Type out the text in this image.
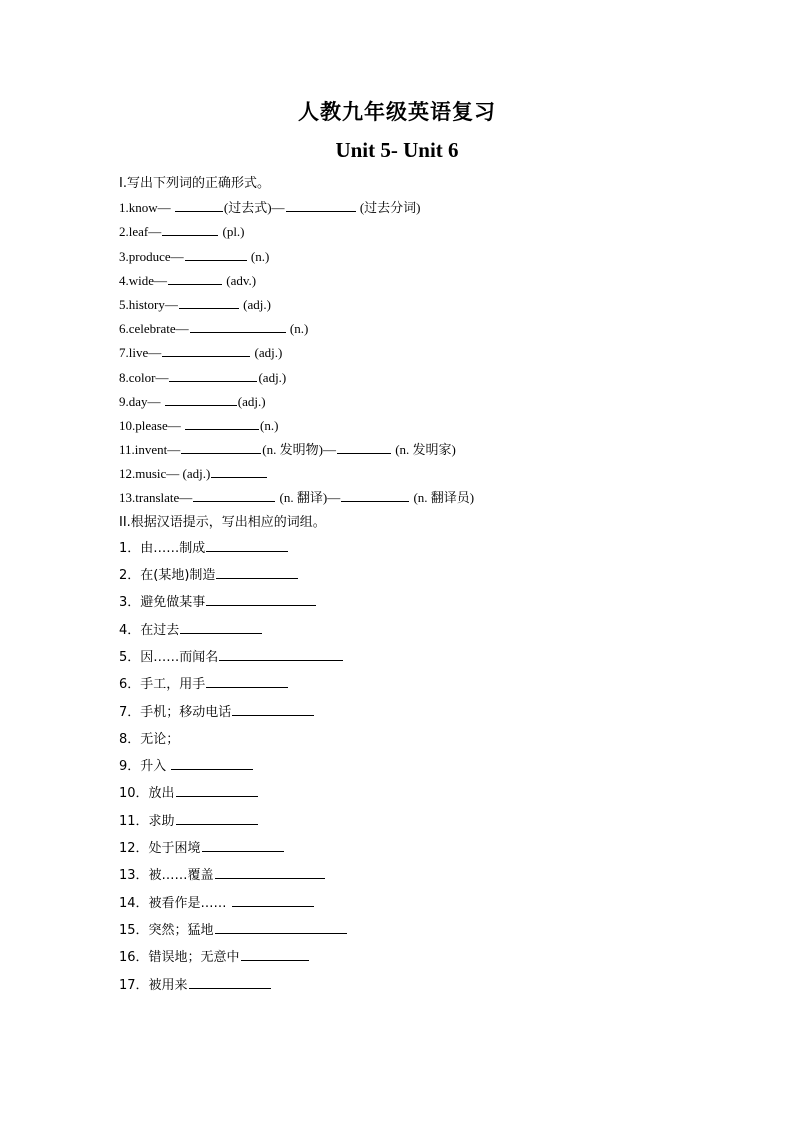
人教九年级英语复习
Unit 5- Unit 6
I.写出下列词的正确形式。
1.know—	(过去式)—	(过去分词)
2.leaf—	(pl.)
3.produce—	(n.)
4.wide—	(adv.)
5.history—	(adj.)
6.celebrate—	(n.)
7.live—	(adj.)
8.color—	(adj.)
9.day—	(adj.)
10.please—	(n.)
11.invent—	(n. 发明物)—	(n. 发明家)
12.music— (adj.)
13.translate—	(n. 翻译)—	(n. 翻译员)
II.根据汉语提示，写出相应的词组。
1．由……制成
2．在(某地)制造
3．避免做某事
4．在过去
5．因……而闻名
6．手工，用手
7．手机；移动电话
8．无论；
9．升入
10．放出
11．求助
12．处于困境
13．被……覆盖
14．被看作是……
15．突然；猛地
16．错误地；无意中
17．被用来
